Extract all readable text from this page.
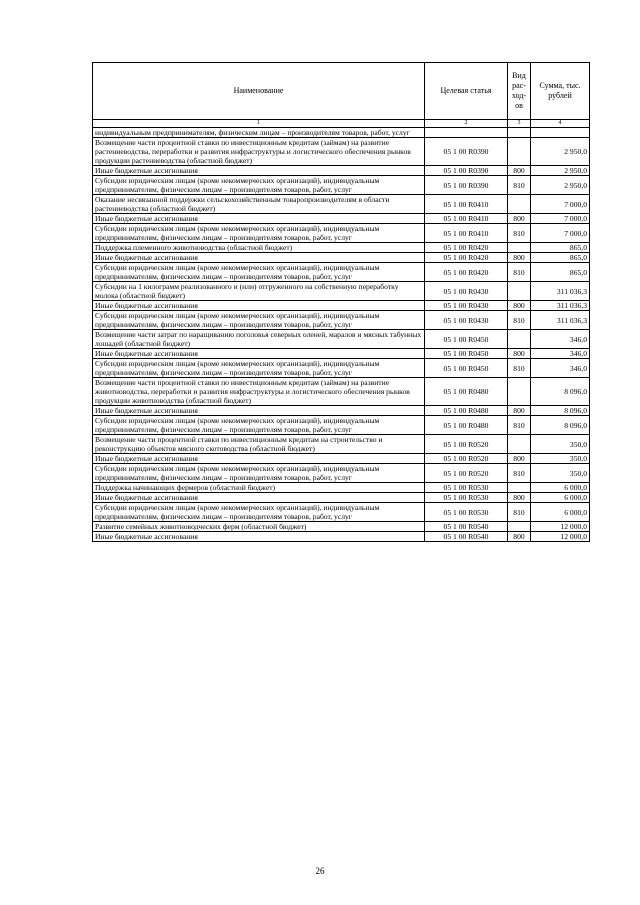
Наименование	Целевая статья	Вид рас-ход-ов	Сумма, тыс. рублей
1	2	3	4
индивидуальным предпринимателям, физическим лицам – производителям товаров, работ, услуг			
Возмещение части процентной ставки по инвестиционным кредитам (займам) на развитие растениеводства, переработки и развития инфраструктуры и логистического обеспечения рынков продукции растениеводства (областной бюджет)	05 1 00 R0390		2 950,0
Иные бюджетные ассигнования	05 1 00 R0390	800	2 950,0
Субсидии юридическим лицам (кроме некоммерческих организаций), индивидуальным предпринимателям, физическим лицам – производителям товаров, работ, услуг	05 1 00 R0390	810	2 950,0
Оказание несвязанной поддержки сельскохозяйственным товаропроизводителям в области растениеводства (областной бюджет)	05 1 00 R0410		7 000,0
Иные бюджетные ассигнования	05 1 00 R0410	800	7 000,0
Субсидии юридическим лицам (кроме некоммерческих организаций), индивидуальным предпринимателям, физическим лицам – производителям товаров, работ, услуг	05 1 00 R0410	810	7 000,0
Поддержка племенного животноводства (областной бюджет)	05 1 00 R0420		865,0
Иные бюджетные ассигнования	05 1 00 R0420	800	865,0
Субсидии юридическим лицам (кроме некоммерческих организаций), индивидуальным предпринимателям, физическим лицам – производителям товаров, работ, услуг	05 1 00 R0420	810	865,0
Субсидии на 1 килограмм реализованного и (или) отгруженного на собственную переработку молока (областной бюджет)	05 1 00 R0430		311 036,3
Иные бюджетные ассигнования	05 1 00 R0430	800	311 036,3
Субсидии юридическим лицам (кроме некоммерческих организаций), индивидуальным предпринимателям, физическим лицам – производителям товаров, работ, услуг	05 1 00 R0430	810	311 036,3
Возмещение части затрат по наращиванию поголовья северных оленей, маралов и мясных табунных лошадей (областной бюджет)	05 1 00 R0450		346,0
Иные бюджетные ассигнования	05 1 00 R0450	800	346,0
Субсидии юридическим лицам (кроме некоммерческих организаций), индивидуальным предпринимателям, физическим лицам – производителям товаров, работ, услуг	05 1 00 R0450	810	346,0
Возмещение части процентной ставки по инвестиционным кредитам (займам) на развитие животноводства, переработки и развития инфраструктуры и логистического обеспечения рынков продукции животноводства (областной бюджет)	05 1 00 R0480		8 096,0
Иные бюджетные ассигнования	05 1 00 R0480	800	8 096,0
Субсидии юридическим лицам (кроме некоммерческих организаций), индивидуальным предпринимателям, физическим лицам – производителям товаров, работ, услуг	05 1 00 R0480	810	8 096,0
Возмещение части процентной ставки по инвестиционным кредитам на строительство и реконструкцию объектов мясного скотоводства (областной бюджет)	05 1 00 R0520		350,0
Иные бюджетные ассигнования	05 1 00 R0520	800	350,0
Субсидии юридическим лицам (кроме некоммерческих организаций), индивидуальным предпринимателям, физическим лицам – производителям товаров, работ, услуг	05 1 00 R0520	810	350,0
Поддержка начинающих фермеров (областной бюджет)	05 1 00 R0530		6 000,0
Иные бюджетные ассигнования	05 1 00 R0530	800	6 000,0
Субсидии юридическим лицам (кроме некоммерческих организаций), индивидуальным предпринимателям, физическим лицам – производителям товаров, работ, услуг	05 1 00 R0530	810	6 000,0
Развитие семейных животноводческих ферм (областной бюджет)	05 1 00 R0540		12 000,0
Иные бюджетные ассигнования	05 1 00 R0540	800	12 000,0
26
